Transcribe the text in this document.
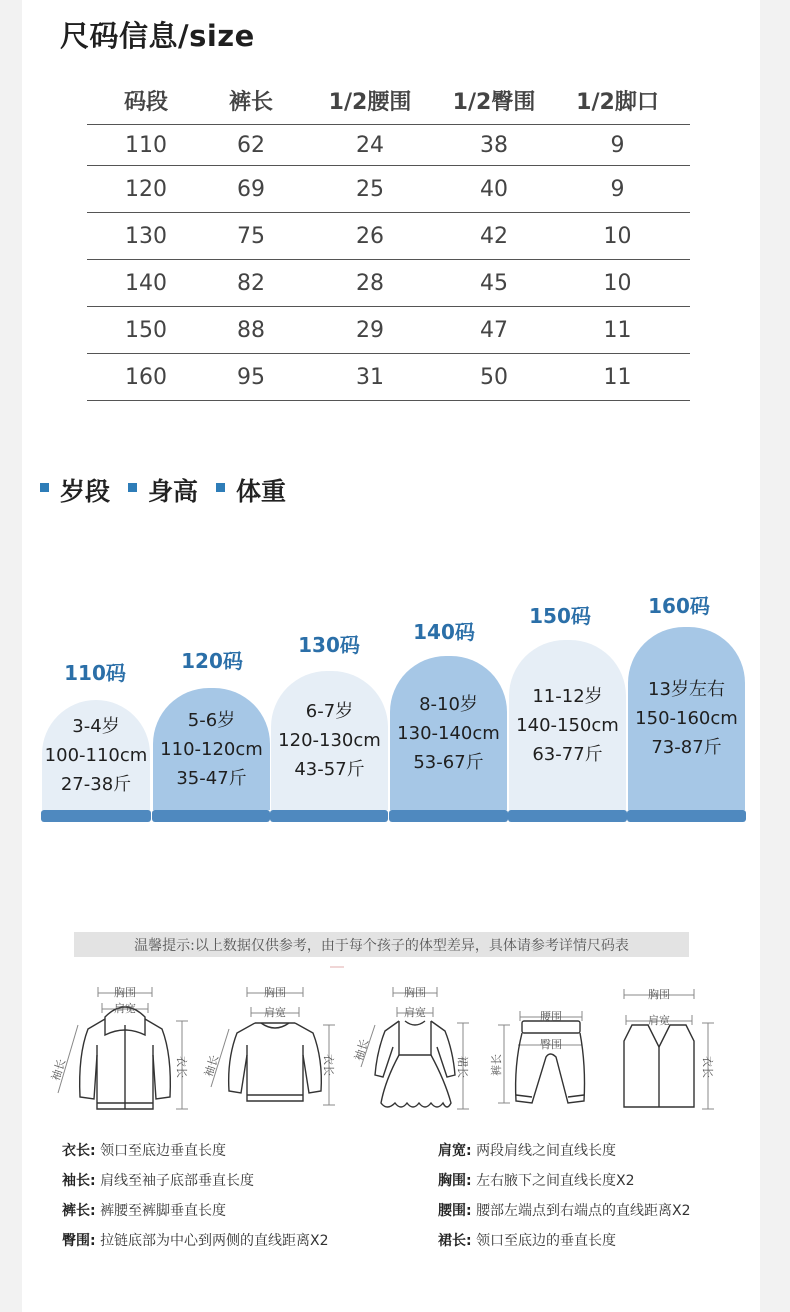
尺码信息/size
码段	裤长	1/2腰围	1/2臀围	1/2脚口
110	62	24	38	9
120	69	25	40	9
130	75	26	42	10
140	82	28	45	10
150	88	29	47	11
160	95	31	50	11
岁段 身高 体重
110码
3-4岁
100-110cm
27-38斤
120码
5-6岁
110-120cm
35-47斤
130码
6-7岁
120-130cm
43-57斤
140码
8-10岁
130-140cm
53-67斤
150码
11-12岁
140-150cm
63-77斤
160码
13岁左右
150-160cm
73-87斤
温馨提示:以上数据仅供参考，由于每个孩子的体型差异，具体请参考详情尺码表
胸围
肩宽
袖长	衣长
胸围
肩宽
袖长	衣长
胸围
肩宽
袖长
裙长
腰围
臀围
裤长
胸围
肩宽
衣长
衣长: 领口至底边垂直长度
袖长: 肩线至袖子底部垂直长度
裤长: 裤腰至裤脚垂直长度
臀围: 拉链底部为中心到两侧的直线距离X2
肩宽: 两段肩线之间直线长度
胸围: 左右腋下之间直线长度X2
腰围: 腰部左端点到右端点的直线距离X2
裙长: 领口至底边的垂直长度
